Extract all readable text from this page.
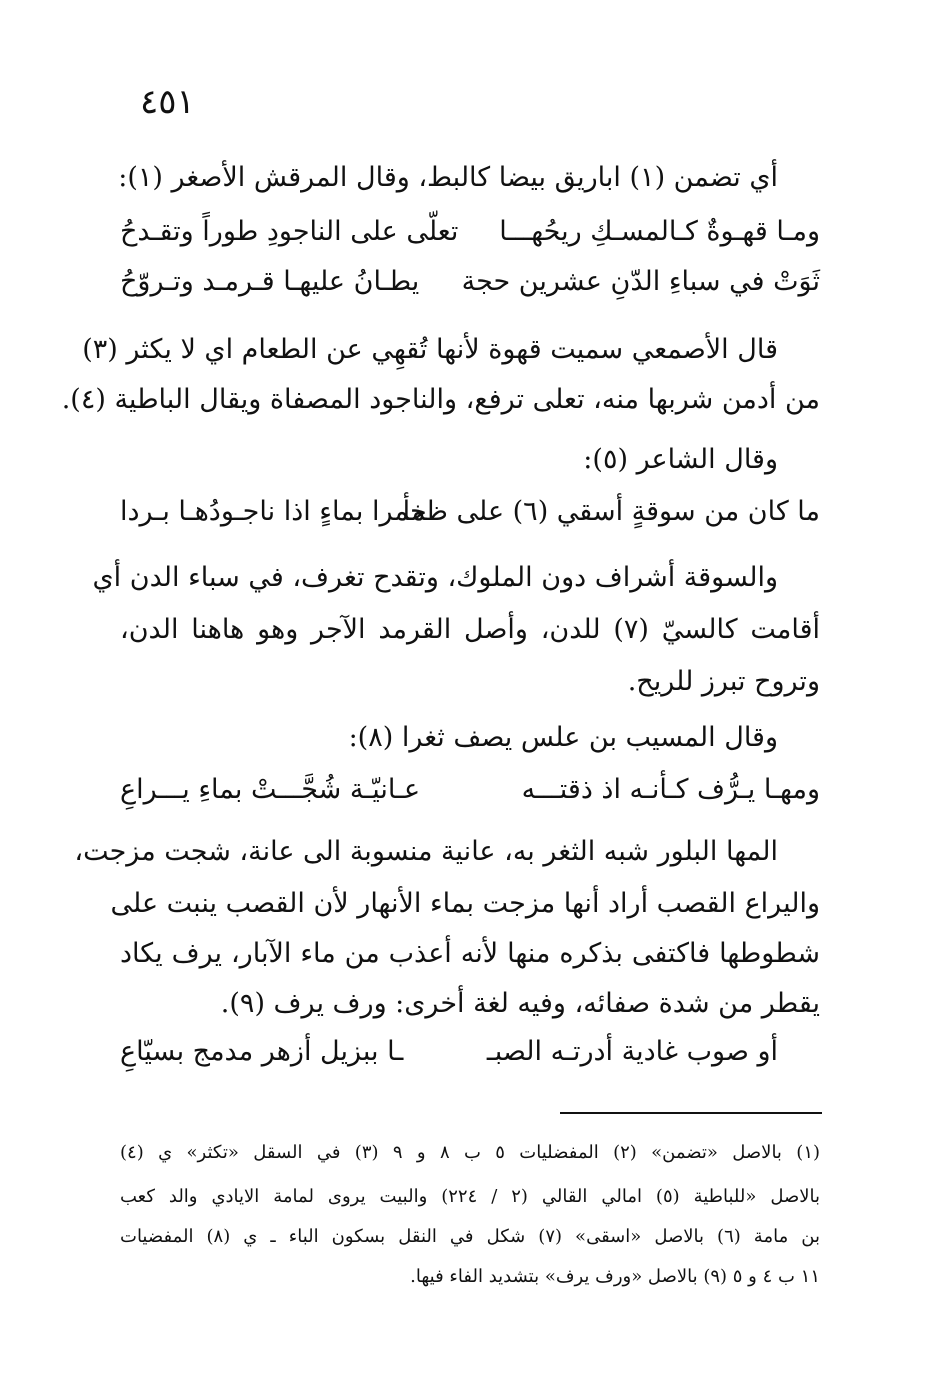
٤٥١
أي تضمن (١) اباريق بيضا كالبط، وقال المرقش الأصغر (١):
ومـا قهـوةٌ كـالمسـكِ ريحُهـــا
تعلّى على الناجودِ طوراً وتقـدحُ
ثَوَتْ في سباءِ الدّنِ عشرين حجة
يطـانُ عليهـا قـرمـد وتـروّحُ
قال الأصمعي سميت قهوة لأنها تُقهِي عن الطعام اي لا يكثر (٣)
من أدمن شربها منه، تعلى ترفع، والناجود المصفاة ويقال الباطية (٤).
وقال الشاعر (٥):
ما كان من سوقةٍ أسقي (٦) على ظمأ
خمرا بماءٍ اذا ناجـودُهـا بـردا
والسوقة أشراف دون الملوك، وتقدح تغرف، في سباء الدن أي
أقامت كالسيّ (٧) للدن، وأصل القرمد الآجر وهو هاهنا الدن،
وتروح تبرز للريح.
وقال المسيب بن علس يصف ثغرا (٨):
ومهـا يـرُّف كـأنـه اذ ذقتـــه
عـانيّـة شُجَّـــتْ بماءِ يـــراعِ
المها البلور شبه الثغر به، عانية منسوبة الى عانة، شجت مزجت،
واليراع القصب أراد أنها مزجت بماء الأنهار لأن القصب ينبت على
شطوطها فاكتفى بذكره منها لأنه أعذب من ماء الآبار، يرف يكاد
يقطر من شدة صفائه، وفيه لغة أخرى: ورف يرف (٩).
أو صوب غادية أدرتـه الصبـ
ـا ببزيل أزهر مدمج بسيّاعِ
(١) بالاصل «تضمن» (٢) المفضليات ٥ ب ٨ و ٩ (٣) في السقل «تكثر» ي (٤)
بالاصل «للباطية (٥) امالي القالي (٢ / ٢٢٤) والبيت يروى لمامة الايادي والد كعب
بن مامة (٦) بالاصل «اسقى» (٧) شكل في النقل بسكون الباء ـ ي (٨) المفضيات
١١ ب ٤ و ٥ (٩) بالاصل «ورف يرف» بتشديد الفاء فيها.
